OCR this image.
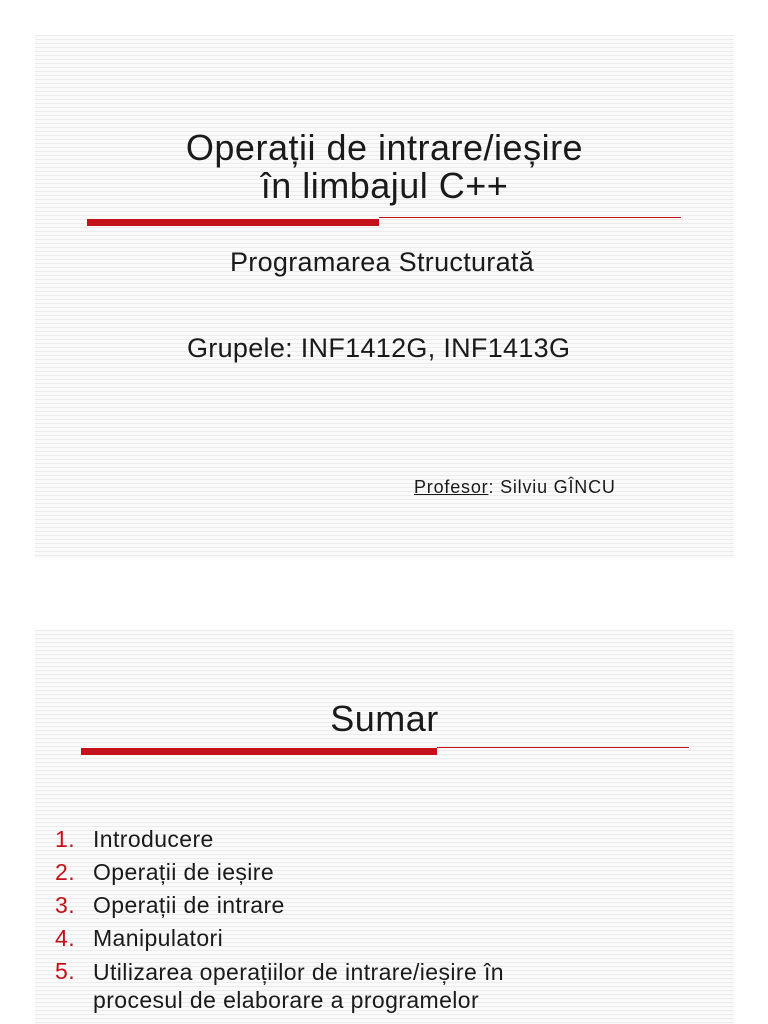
Operații de intrare/ieșire
în limbajul C++
Programarea Structurată
Grupele: INF1412G, INF1413G
Profesor: Silviu GÎNCU
Sumar
1. Introducere
2. Operații de ieșire
3. Operații de intrare
4. Manipulatori
5. Utilizarea operațiilor de intrare/ieșire în
procesul de elaborare a programelor
